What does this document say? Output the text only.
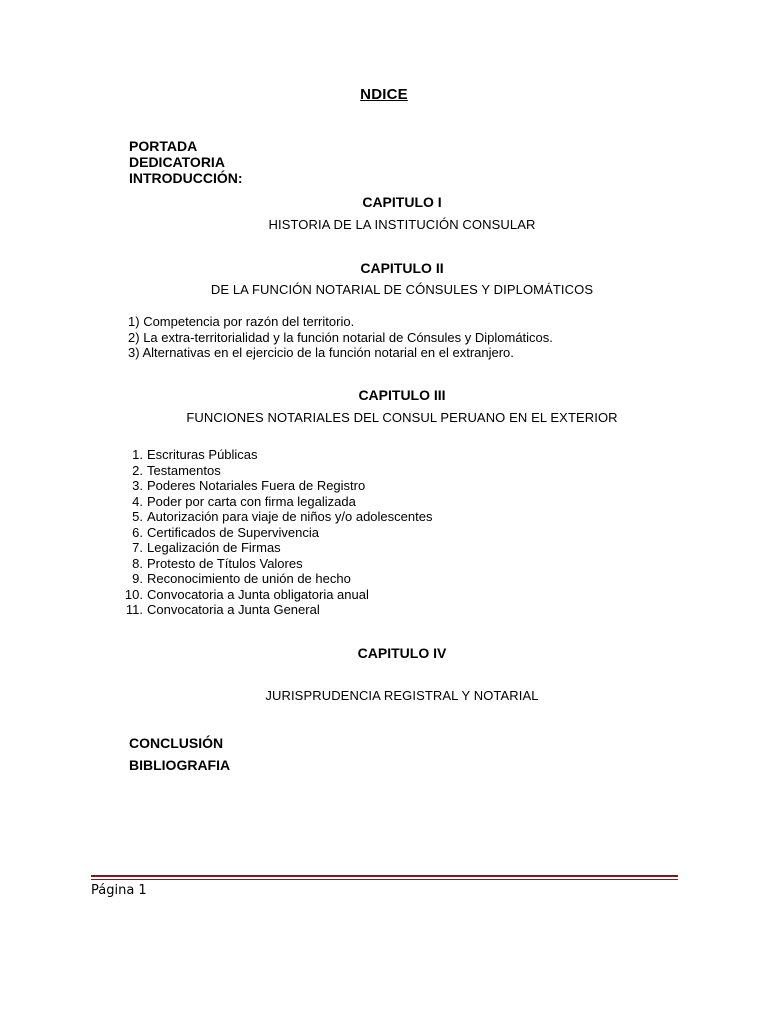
NDICE
PORTADA
DEDICATORIA
INTRODUCCIÓN:
CAPITULO I
HISTORIA DE LA INSTITUCIÓN CONSULAR
CAPITULO II
DE LA FUNCIÓN NOTARIAL DE CÓNSULES Y DIPLOMÁTICOS
1) Competencia por razón del territorio.
2) La extra-territorialidad y la función notarial de Cónsules y Diplomáticos.
3) Alternativas en el ejercicio de la función notarial en el extranjero.
CAPITULO III
FUNCIONES NOTARIALES DEL CONSUL PERUANO EN EL EXTERIOR
1. Escrituras Públicas
2. Testamentos
3. Poderes Notariales Fuera de Registro
4. Poder por carta con firma legalizada
5. Autorización para viaje de niños y/o adolescentes
6. Certificados de Supervivencia
7. Legalización de Firmas
8. Protesto de Títulos Valores
9. Reconocimiento de unión de hecho
10. Convocatoria a Junta obligatoria anual
11. Convocatoria a Junta General
CAPITULO IV
JURISPRUDENCIA REGISTRAL Y NOTARIAL
CONCLUSIÓN
BIBLIOGRAFIA
Página 1
